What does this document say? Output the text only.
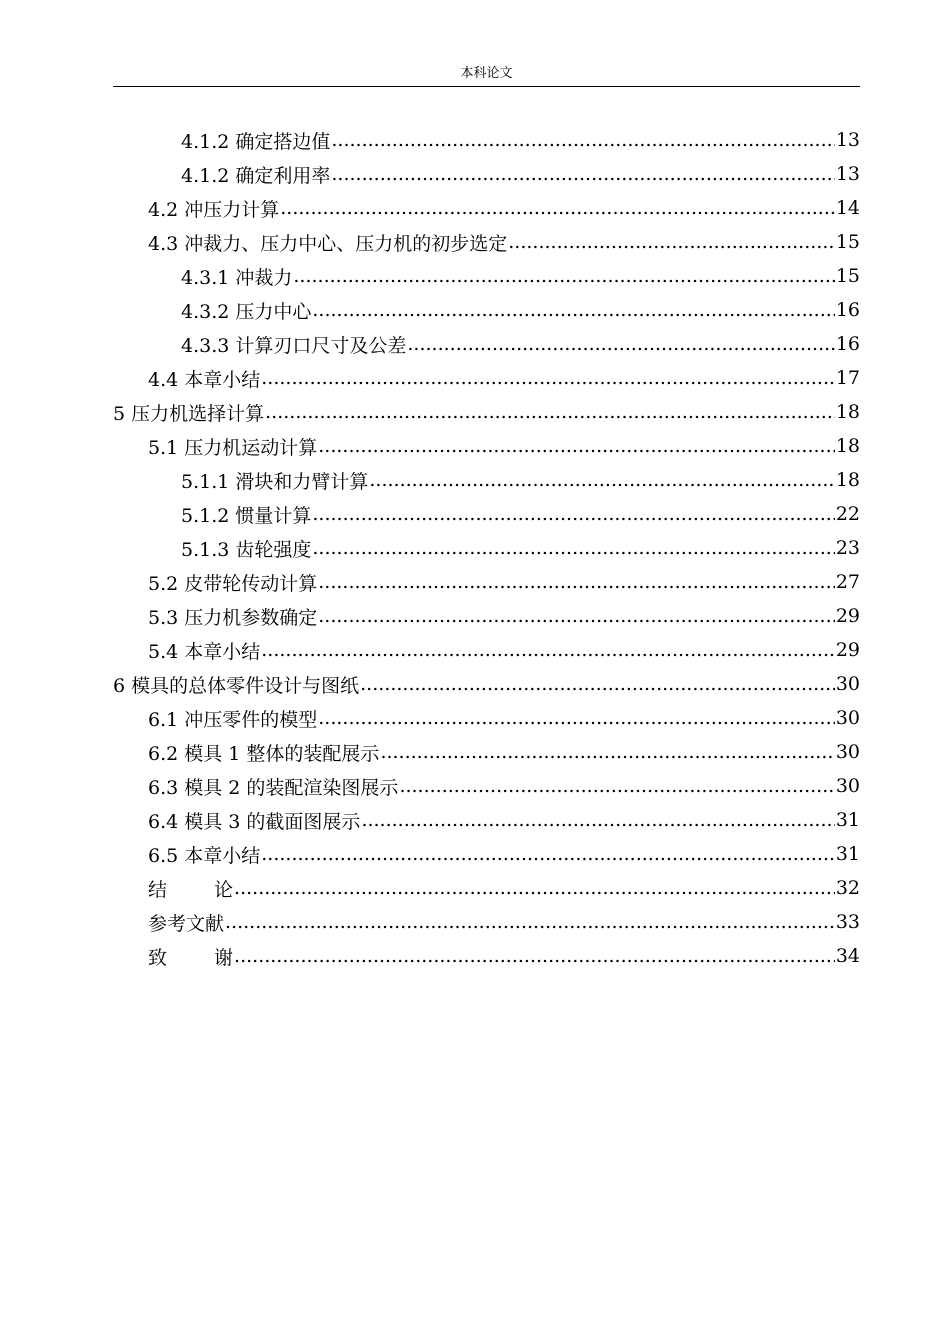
本科论文
4.1.2 确定搭边值 .....	13
4.1.2 确定利用率 .....	13
4.2 冲压力计算 .....	14
4.3 冲裁力、压力中心、压力机的初步选定 .....	15
4.3.1 冲裁力 .....	15
4.3.2 压力中心 .....	16
4.3.3 计算刃口尺寸及公差 .....	16
4.4 本章小结 .....	17
5 压力机选择计算 .....	18
5.1 压力机运动计算 .....	18
5.1.1 滑块和力臂计算 .....	18
5.1.2 惯量计算 .....	22
5.1.3 齿轮强度 .....	23
5.2 皮带轮传动计算 .....	27
5.3 压力机参数确定 .....	29
5.4 本章小结 .....	29
6 模具的总体零件设计与图纸 .....	30
6.1 冲压零件的模型 .....	30
6.2 模具 1 整体的装配展示 .....	30
6.3 模具 2 的装配渲染图展示 .....	30
6.4 模具 3 的截面图展示 .....	31
6.5 本章小结 .....	31
结 论 .....	32
参考文献 .....	33
致 谢 .....	34
